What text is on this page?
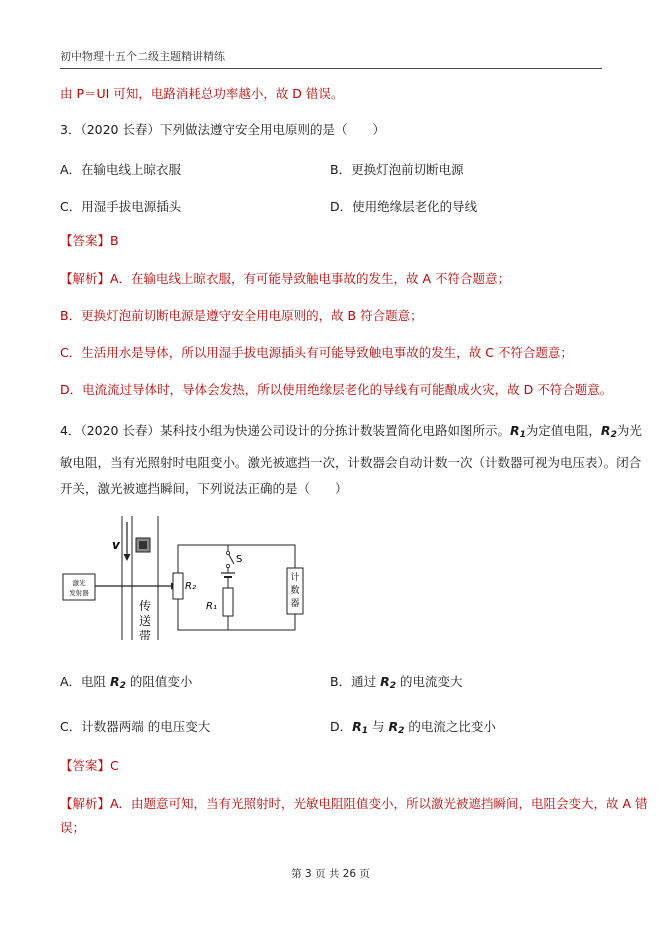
初中物理十五个二级主题精讲精练
由 P＝UI 可知，电路消耗总功率越小，故 D 错误。
3．（2020 长春）下列做法遵守安全用电原则的是（　　）
A．在输电线上晾衣服	B．更换灯泡前切断电源
C．用湿手拔电源插头	D．使用绝缘层老化的导线
【答案】B
【解析】A．在输电线上晾衣服，有可能导致触电事故的发生，故 A 不符合题意；
B．更换灯泡前切断电源是遵守安全用电原则的，故 B 符合题意；
C．生活用水是导体，所以用湿手拔电源插头有可能导致触电事故的发生，故 C 不符合题意；
D．电流流过导体时，导体会发热，所以使用绝缘层老化的导线有可能酿成火灾，故 D 不符合题意。
4．（2020 长春）某科技小组为快递公司设计的分拣计数装置简化电路如图所示。$R_1$为定值电阻，$R_2$为光
敏电阻，当有光照射时电阻变小。激光被遮挡一次，计数器会自动计数一次（计数器可视为电压表）。闭合
开关，激光被遮挡瞬间，下列说法正确的是（　　）
v
激光
发射器
传
送
带
R₂
计
数
器
S
R₁
A．电阻 $R_2$ 的阻值变小	B．通过 $R_2$ 的电流变大
C．计数器两端 的电压变大	D．$R_1$ 与 $R_2$ 的电流之比变小
【答案】C
【解析】A．由题意可知，当有光照射时，光敏电阻阻值变小，所以激光被遮挡瞬间，电阻会变大，故 A 错
误；
第 3 页 共 26 页
